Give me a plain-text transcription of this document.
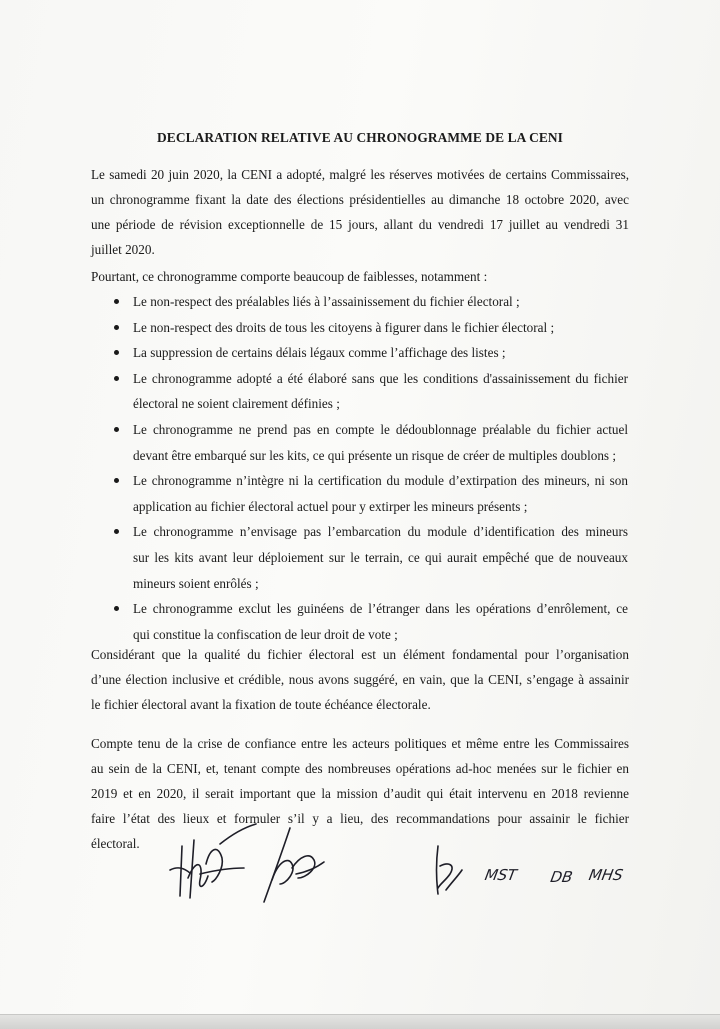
DECLARATION RELATIVE AU CHRONOGRAMME DE LA CENI
Le samedi 20 juin 2020, la CENI a adopté, malgré les réserves motivées de certains Commissaires,
un chronogramme fixant la date des élections présidentielles au dimanche 18 octobre 2020, avec
une période de révision exceptionnelle de 15 jours, allant du vendredi 17 juillet au vendredi 31
juillet 2020.
Pourtant, ce chronogramme comporte beaucoup de faiblesses, notamment :
Le non-respect des préalables liés à l’assainissement du fichier électoral ;
Le non-respect des droits de tous les citoyens à figurer dans le fichier électoral ;
La suppression de certains délais légaux comme l’affichage des listes ;
Le chronogramme adopté a été élaboré sans que les conditions d'assainissement du fichier
électoral ne soient clairement définies ;
Le chronogramme ne prend pas en compte le dédoublonnage préalable du fichier actuel
devant être embarqué sur les kits, ce qui présente un risque de créer de multiples doublons ;
Le chronogramme n’intègre ni la certification du module d’extirpation des mineurs, ni son
application au fichier électoral actuel pour y extirper les mineurs présents ;
Le chronogramme n’envisage pas l’embarcation du module d’identification des mineurs
sur les kits avant leur déploiement sur le terrain, ce qui aurait empêché que de nouveaux
mineurs soient enrôlés ;
Le chronogramme exclut les guinéens de l’étranger dans les opérations d’enrôlement, ce
qui constitue la confiscation de leur droit de vote ;
Considérant que la qualité du fichier électoral est un élément fondamental pour l’organisation
d’une élection inclusive et crédible, nous avons suggéré, en vain, que la CENI, s’engage à assainir
le fichier électoral avant la fixation de toute échéance électorale.
Compte tenu de la crise de confiance entre les acteurs politiques et même entre les Commissaires
au sein de la CENI, et, tenant compte des nombreuses opérations ad-hoc menées sur le fichier en
2019 et en 2020, il serait important que la mission d’audit qui était intervenu en 2018 revienne
faire l’état des lieux et formuler s’il y a lieu, des recommandations pour assainir le fichier
électoral.
MST DB MHS
